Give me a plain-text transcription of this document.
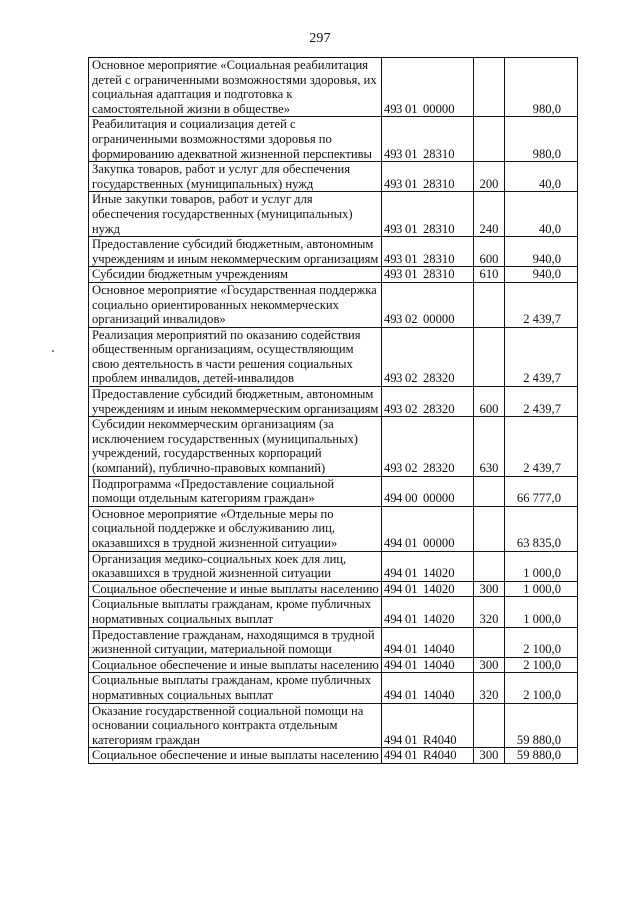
297
Основное мероприятие «Социальная реабилитация детей с ограниченными возможностями здоровья, их социальная адаптация и подготовка к самостоятельной жизни в обществе»	493 01 00000		980,0
Реабилитация и социализация детей с ограниченными возможностями здоровья по формированию адекватной жизненной перспективы	493 01 28310		980,0
Закупка товаров, работ и услуг для обеспечения государственных (муниципальных) нужд	493 01 28310	200	40,0
Иные закупки товаров, работ и услуг для обеспечения государственных (муниципальных) нужд	493 01 28310	240	40,0
Предоставление субсидий бюджетным, автономным учреждениям и иным некоммерческим организациям	493 01 28310	600	940,0
Субсидии бюджетным учреждениям	493 01 28310	610	940,0
Основное мероприятие «Государственная поддержка социально ориентированных некоммерческих организаций инвалидов»	493 02 00000		2 439,7
Реализация мероприятий по оказанию содействия общественным организациям, осуществляющим свою деятельность в части решения социальных проблем инвалидов, детей-инвалидов	493 02 28320		2 439,7
Предоставление субсидий бюджетным, автономным учреждениям и иным некоммерческим организациям	493 02 28320	600	2 439,7
Субсидии некоммерческим организациям (за исключением государственных (муниципальных) учреждений, государственных корпораций (компаний), публично-правовых компаний)	493 02 28320	630	2 439,7
Подпрограмма «Предоставление социальной помощи отдельным категориям граждан»	494 00 00000		66 777,0
Основное мероприятие «Отдельные меры по социальной поддержке и обслуживанию лиц, оказавшихся в трудной жизненной ситуации»	494 01 00000		63 835,0
Организация медико-социальных коек для лиц, оказавшихся в трудной жизненной ситуации	494 01 14020		1 000,0
Социальное обеспечение и иные выплаты населению	494 01 14020	300	1 000,0
Социальные выплаты гражданам, кроме публичных нормативных социальных выплат	494 01 14020	320	1 000,0
Предоставление гражданам, находящимся в трудной жизненной ситуации, материальной помощи	494 01 14040		2 100,0
Социальное обеспечение и иные выплаты населению	494 01 14040	300	2 100,0
Социальные выплаты гражданам, кроме публичных нормативных социальных выплат	494 01 14040	320	2 100,0
Оказание государственной социальной помощи на основании социального контракта отдельным категориям граждан	494 01 R4040		59 880,0
Социальное обеспечение и иные выплаты населению	494 01 R4040	300	59 880,0
